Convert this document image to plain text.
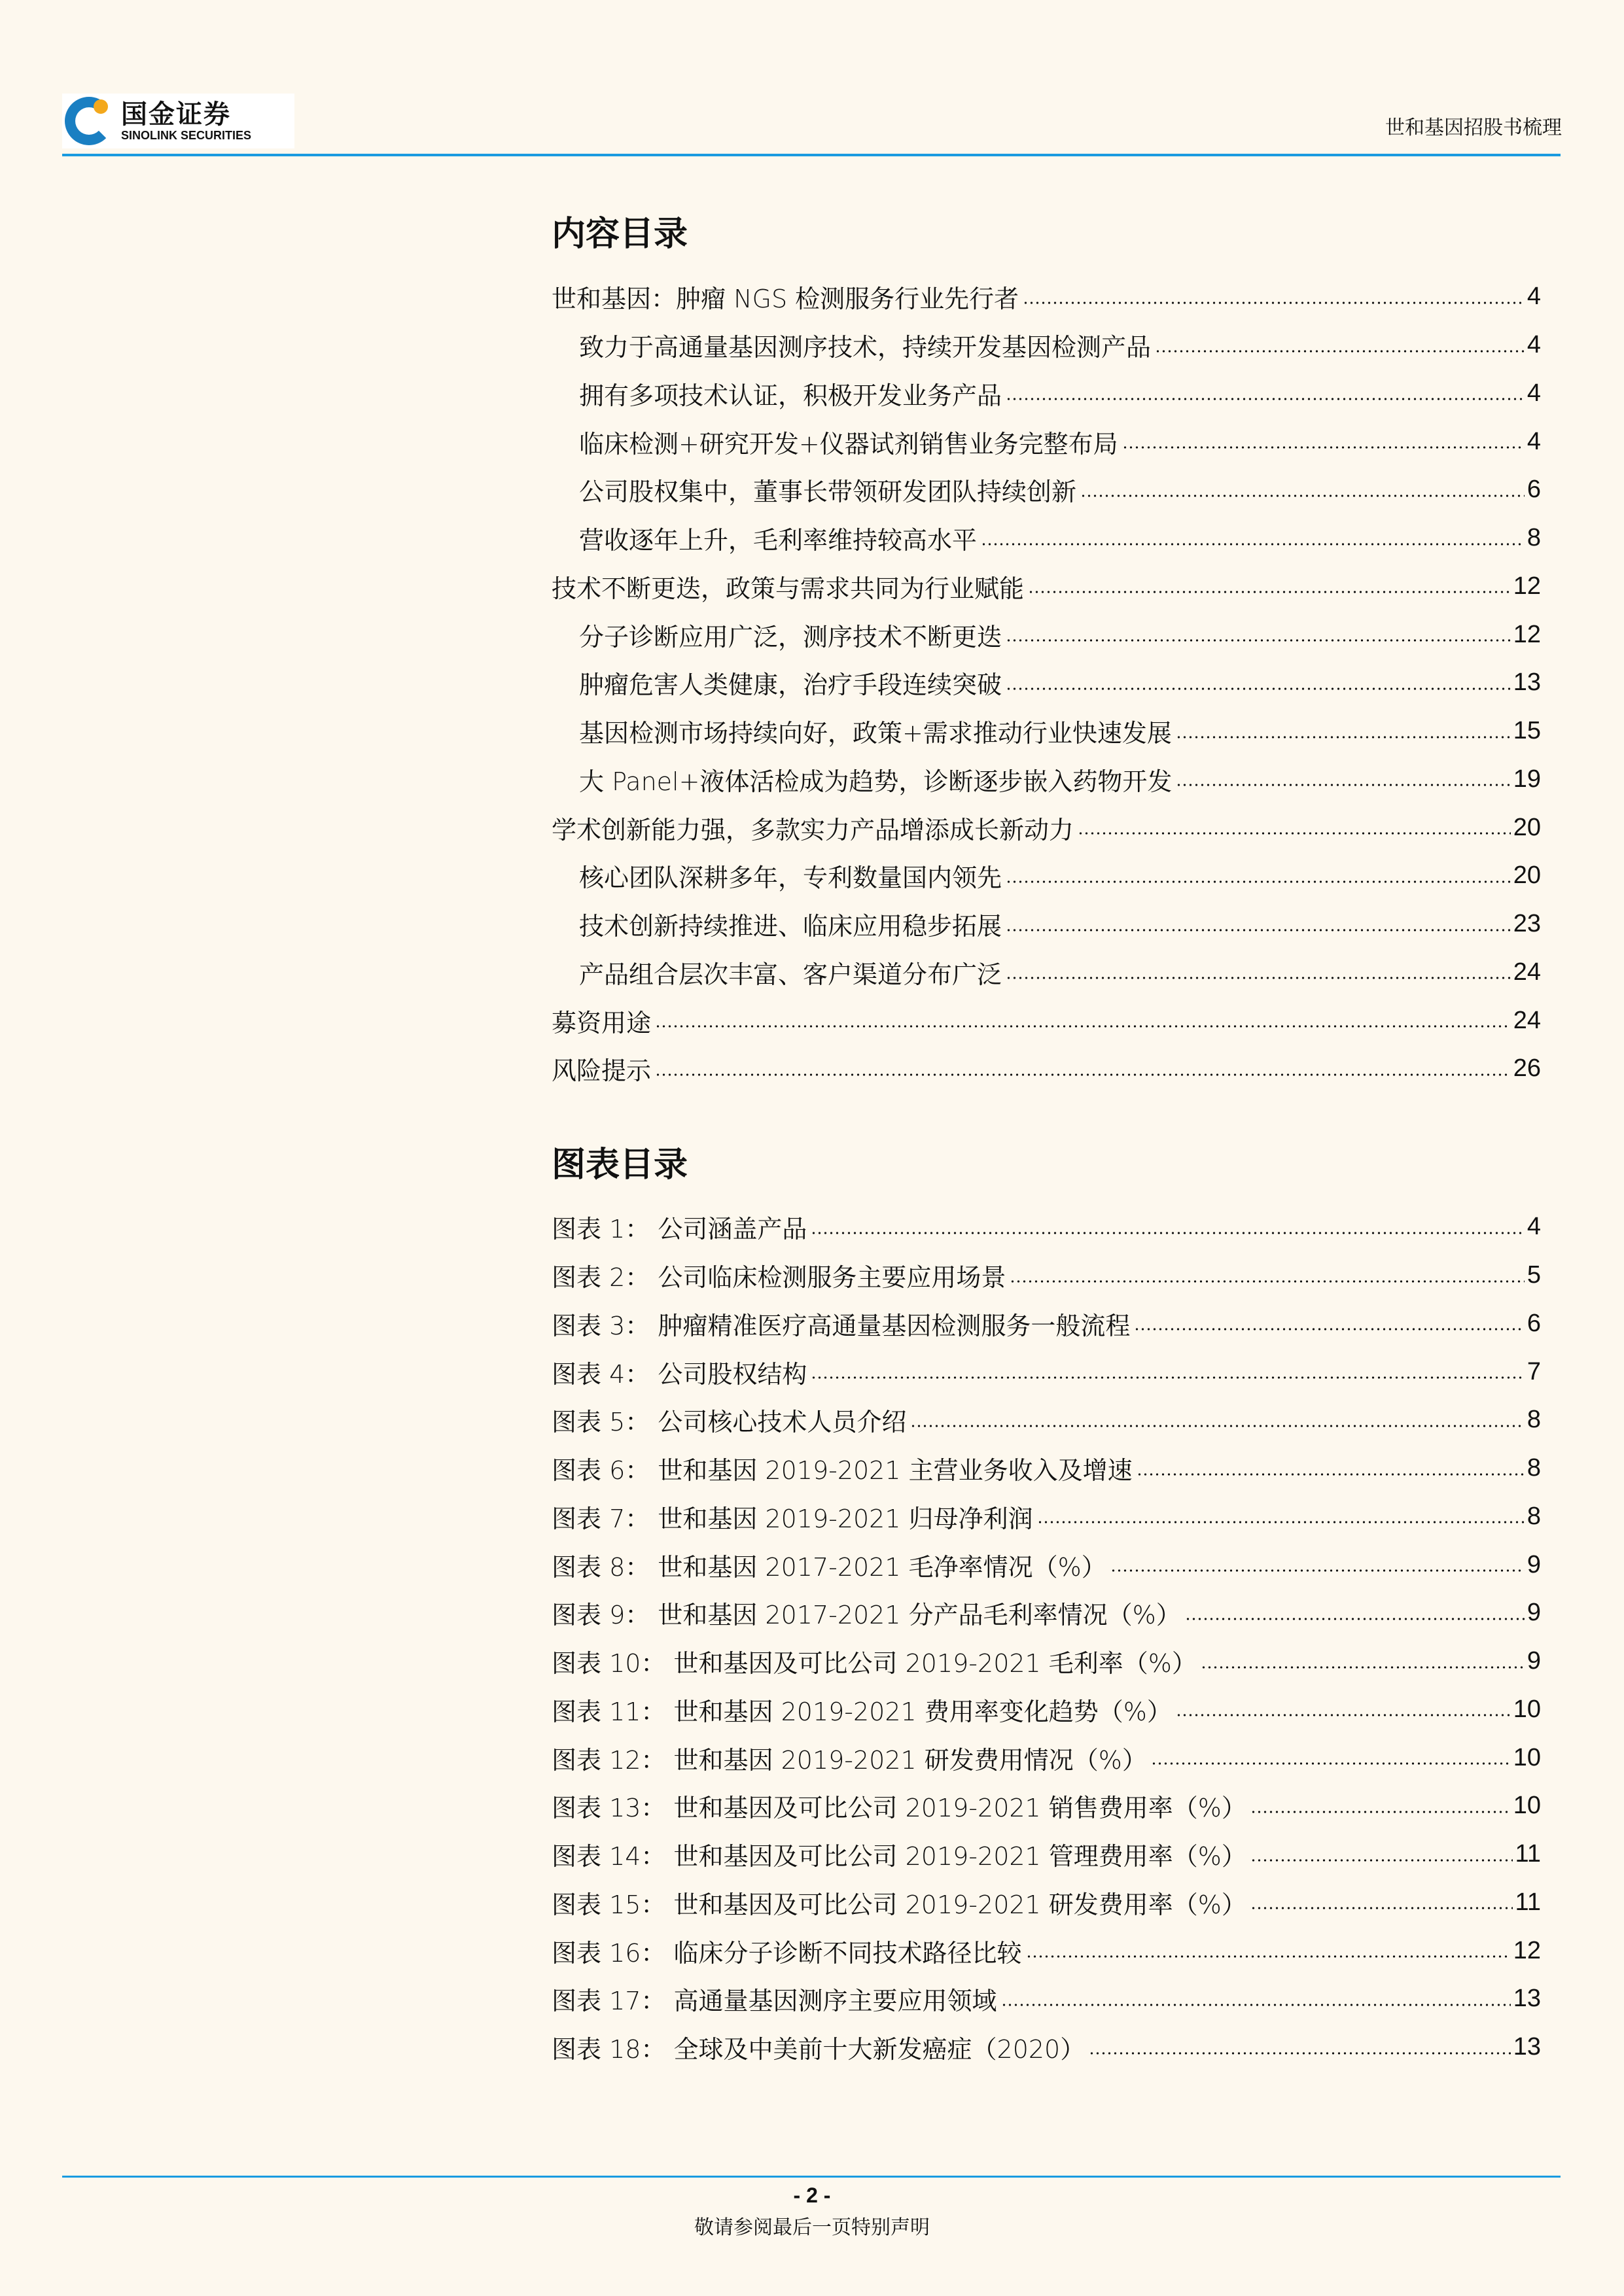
国金证券
SINOLINK SECURITIES	世和基因招股书梳理
内容目录
世和基因：肿瘤 NGS 检测服务行业先行者	4
致力于高通量基因测序技术，持续开发基因检测产品	4
拥有多项技术认证，积极开发业务产品	4
临床检测+研究开发+仪器试剂销售业务完整布局	4
公司股权集中，董事长带领研发团队持续创新	6
营收逐年上升，毛利率维持较高水平	8
技术不断更迭，政策与需求共同为行业赋能	12
分子诊断应用广泛，测序技术不断更迭	12
肿瘤危害人类健康，治疗手段连续突破	13
基因检测市场持续向好，政策+需求推动行业快速发展	15
大 Panel+液体活检成为趋势，诊断逐步嵌入药物开发	19
学术创新能力强，多款实力产品增添成长新动力	20
核心团队深耕多年，专利数量国内领先	20
技术创新持续推进、临床应用稳步拓展	23
产品组合层次丰富、客户渠道分布广泛	24
募资用途	24
风险提示	26
图表目录
图表 1： 公司涵盖产品	4
图表 2： 公司临床检测服务主要应用场景	5
图表 3： 肿瘤精准医疗高通量基因检测服务一般流程	6
图表 4： 公司股权结构	7
图表 5： 公司核心技术人员介绍	8
图表 6： 世和基因 2019-2021 主营业务收入及增速	8
图表 7： 世和基因 2019-2021 归母净利润	8
图表 8： 世和基因 2017-2021 毛净率情况（%）	9
图表 9： 世和基因 2017-2021 分产品毛利率情况（%）	9
图表 10： 世和基因及可比公司 2019-2021 毛利率（%）	9
图表 11： 世和基因 2019-2021 费用率变化趋势（%）	10
图表 12： 世和基因 2019-2021 研发费用情况（%）	10
图表 13： 世和基因及可比公司 2019-2021 销售费用率（%）	10
图表 14： 世和基因及可比公司 2019-2021 管理费用率（%）	11
图表 15： 世和基因及可比公司 2019-2021 研发费用率（%）	11
图表 16： 临床分子诊断不同技术路径比较	12
图表 17： 高通量基因测序主要应用领域	13
图表 18： 全球及中美前十大新发癌症（2020）	13
- 2 -
敬请参阅最后一页特别声明
